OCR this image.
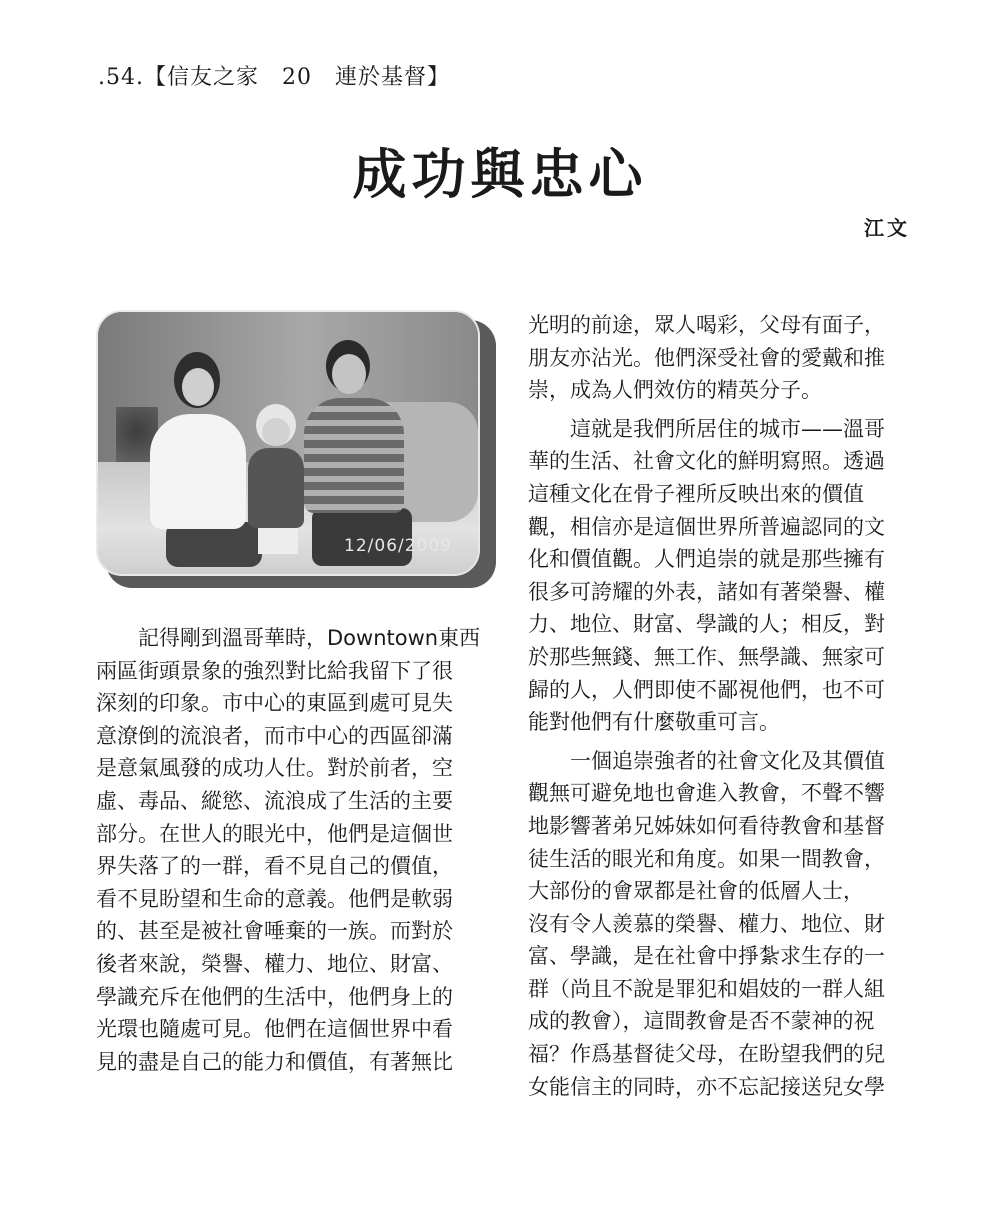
.54.【信友之家　20　連於基督】
成功與忠心
江文
12/06/2009
　　記得剛到溫哥華時，Downtown東西
兩區街頭景象的強烈對比給我留下了很
深刻的印象。市中心的東區到處可見失
意潦倒的流浪者，而市中心的西區卻滿
是意氣風發的成功人仕。對於前者，空
虛、毒品、縱慾、流浪成了生活的主要
部分。在世人的眼光中，他們是這個世
界失落了的一群，看不見自己的價值，
看不見盼望和生命的意義。他們是軟弱
的、甚至是被社會唾棄的一族。而對於
後者來說，榮譽、權力、地位、財富、
學識充斥在他們的生活中，他們身上的
光環也隨處可見。他們在這個世界中看
見的盡是自己的能力和價值，有著無比
光明的前途，眾人喝彩，父母有面子，
朋友亦沾光。他們深受社會的愛戴和推
崇，成為人們效仿的精英分子。
　　這就是我們所居住的城市——溫哥
華的生活、社會文化的鮮明寫照。透過
這種文化在骨子裡所反映出來的價值
觀，相信亦是這個世界所普遍認同的文
化和價值觀。人們追崇的就是那些擁有
很多可誇耀的外表，諸如有著榮譽、權
力、地位、財富、學識的人；相反，對
於那些無錢、無工作、無學識、無家可
歸的人，人們即使不鄙視他們，也不可
能對他們有什麼敬重可言。
　　一個追崇強者的社會文化及其價值
觀無可避免地也會進入教會，不聲不響
地影響著弟兄姊妹如何看待教會和基督
徒生活的眼光和角度。如果一間教會，
大部份的會眾都是社會的低層人士，
沒有令人羨慕的榮譽、權力、地位、財
富、學識，是在社會中掙紮求生存的一
群（尚且不說是罪犯和娼妓的一群人組
成的教會），這間教會是否不蒙神的祝
福？作爲基督徒父母，在盼望我們的兒
女能信主的同時，亦不忘記接送兒女學
